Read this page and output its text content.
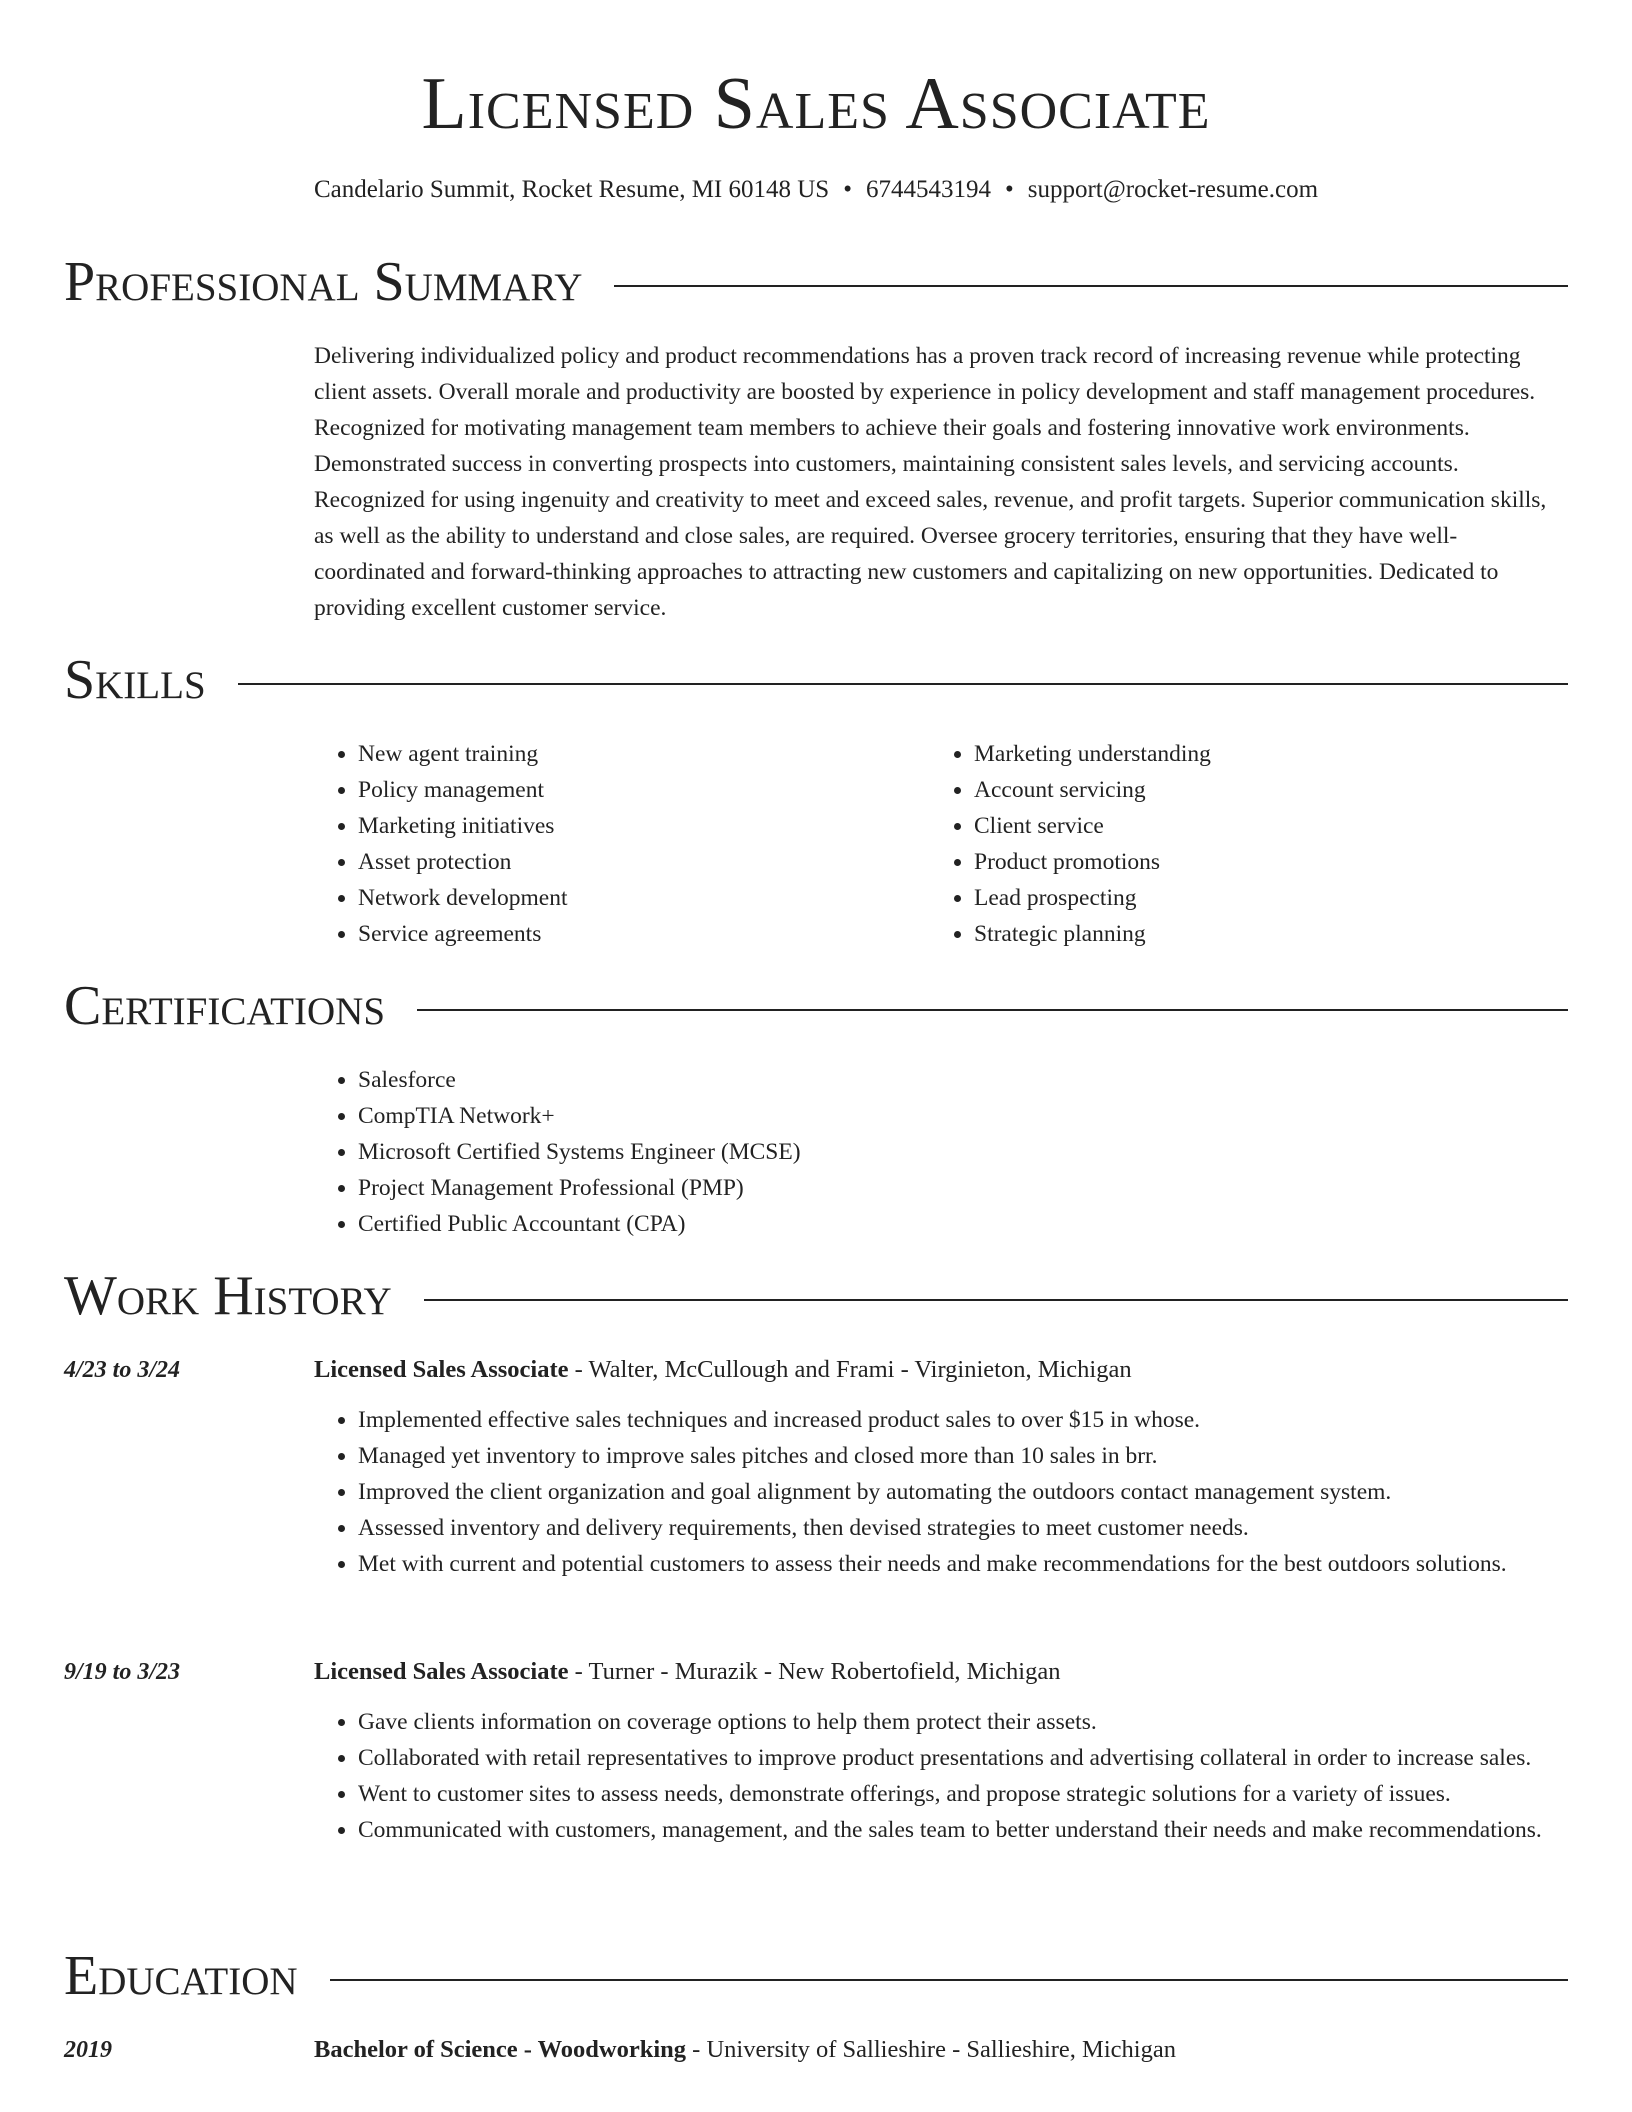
Licensed Sales Associate
Candelario Summit, Rocket Resume, MI 60148 US • 6744543194 • support@rocket-resume.com
Professional Summary

Delivering individualized policy and product recommendations has a proven track record of increasing revenue while protecting client assets. Overall morale and productivity are boosted by experience in policy development and staff management procedures. Recognized for motivating management team members to achieve their goals and fostering innovative work environments. Demonstrated success in converting prospects into customers, maintaining consistent sales levels, and servicing accounts. Recognized for using ingenuity and creativity to meet and exceed sales, revenue, and profit targets. Superior communication skills, as well as the ability to understand and close sales, are required. Oversee grocery territories, ensuring that they have well-coordinated and forward-thinking approaches to attracting new customers and capitalizing on new opportunities. Dedicated to providing excellent customer service.

Skills
• New agent training
• Policy management
• Marketing initiatives
• Asset protection
• Network development
• Service agreements
• Marketing understanding
• Account servicing
• Client service
• Product promotions
• Lead prospecting
• Strategic planning
Certifications
• Salesforce
• CompTIA Network+
• Microsoft Certified Systems Engineer (MCSE)
• Project Management Professional (PMP)
• Certified Public Accountant (CPA)
Work History
4/23 to 3/24	Licensed Sales Associate - Walter, McCullough and Frami - Virginieton, Michigan
• Implemented effective sales techniques and increased product sales to over $15 in whose.
• Managed yet inventory to improve sales pitches and closed more than 10 sales in brr.
• Improved the client organization and goal alignment by automating the outdoors contact management system.
• Assessed inventory and delivery requirements, then devised strategies to meet customer needs.
• Met with current and potential customers to assess their needs and make recommendations for the best outdoors solutions.
9/19 to 3/23	Licensed Sales Associate - Turner - Murazik - New Robertofield, Michigan
• Gave clients information on coverage options to help them protect their assets.
• Collaborated with retail representatives to improve product presentations and advertising collateral in order to increase sales.
• Went to customer sites to assess needs, demonstrate offerings, and propose strategic solutions for a variety of issues.
• Communicated with customers, management, and the sales team to better understand their needs and make recommendations.
Education
2019	Bachelor of Science - Woodworking - University of Sallieshire - Sallieshire, Michigan
